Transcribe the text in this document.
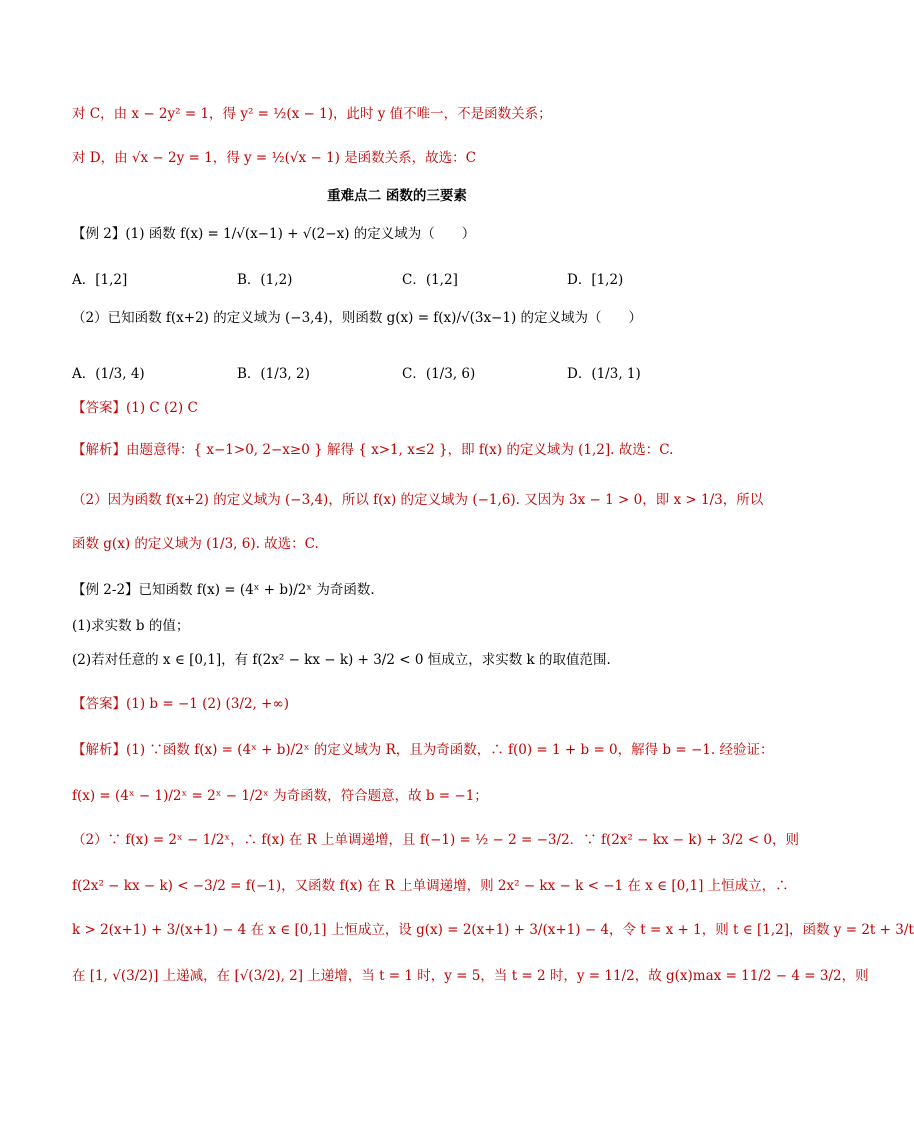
对 C，由 x − 2y² = 1，得 y² = ½(x − 1)，此时 y 值不唯一，不是函数关系；
对 D，由 √x − 2y = 1，得 y = ½(√x − 1) 是函数关系，故选：C
重难点二 函数的三要素
【例 2】(1) 函数 f(x) = 1/√(x−1) + √(2−x) 的定义域为（　　）
A．[1,2]	B．(1,2)	C．(1,2]	D．[1,2)
（2）已知函数 f(x+2) 的定义域为 (−3,4)，则函数 g(x) = f(x)/√(3x−1) 的定义域为（　　）
A．(1/3, 4)	B．(1/3, 2)	C．(1/3, 6)	D．(1/3, 1)
【答案】(1) C (2) C
【解析】由题意得：{ x−1>0, 2−x≥0 } 解得 { x>1, x≤2 }，即 f(x) 的定义域为 (1,2]. 故选：C.
（2）因为函数 f(x+2) 的定义域为 (−3,4)，所以 f(x) 的定义域为 (−1,6). 又因为 3x − 1 > 0，即 x > 1/3，所以
函数 g(x) 的定义域为 (1/3, 6). 故选：C.
【例 2-2】已知函数 f(x) = (4ˣ + b)/2ˣ 为奇函数.
(1)求实数 b 的值；
(2)若对任意的 x ∈ [0,1]，有 f(2x² − kx − k) + 3/2 < 0 恒成立，求实数 k 的取值范围.
【答案】(1) b = −1 (2) (3/2, +∞)
【解析】(1) ∵函数 f(x) = (4ˣ + b)/2ˣ 的定义域为 R，且为奇函数，∴ f(0) = 1 + b = 0，解得 b = −1. 经验证：
f(x) = (4ˣ − 1)/2ˣ = 2ˣ − 1/2ˣ 为奇函数，符合题意，故 b = −1；
（2）∵ f(x) = 2ˣ − 1/2ˣ，∴ f(x) 在 R 上单调递增，且 f(−1) = ½ − 2 = −3/2．∵ f(2x² − kx − k) + 3/2 < 0，则
f(2x² − kx − k) < −3/2 = f(−1)，又函数 f(x) 在 R 上单调递增，则 2x² − kx − k < −1 在 x ∈ [0,1] 上恒成立，∴
k > 2(x+1) + 3/(x+1) − 4 在 x ∈ [0,1] 上恒成立，设 g(x) = 2(x+1) + 3/(x+1) − 4，令 t = x + 1，则 t ∈ [1,2]，函数 y = 2t + 3/t
在 [1, √(3/2)] 上递减，在 [√(3/2), 2] 上递增，当 t = 1 时，y = 5，当 t = 2 时，y = 11/2，故 g(x)max = 11/2 − 4 = 3/2，则
